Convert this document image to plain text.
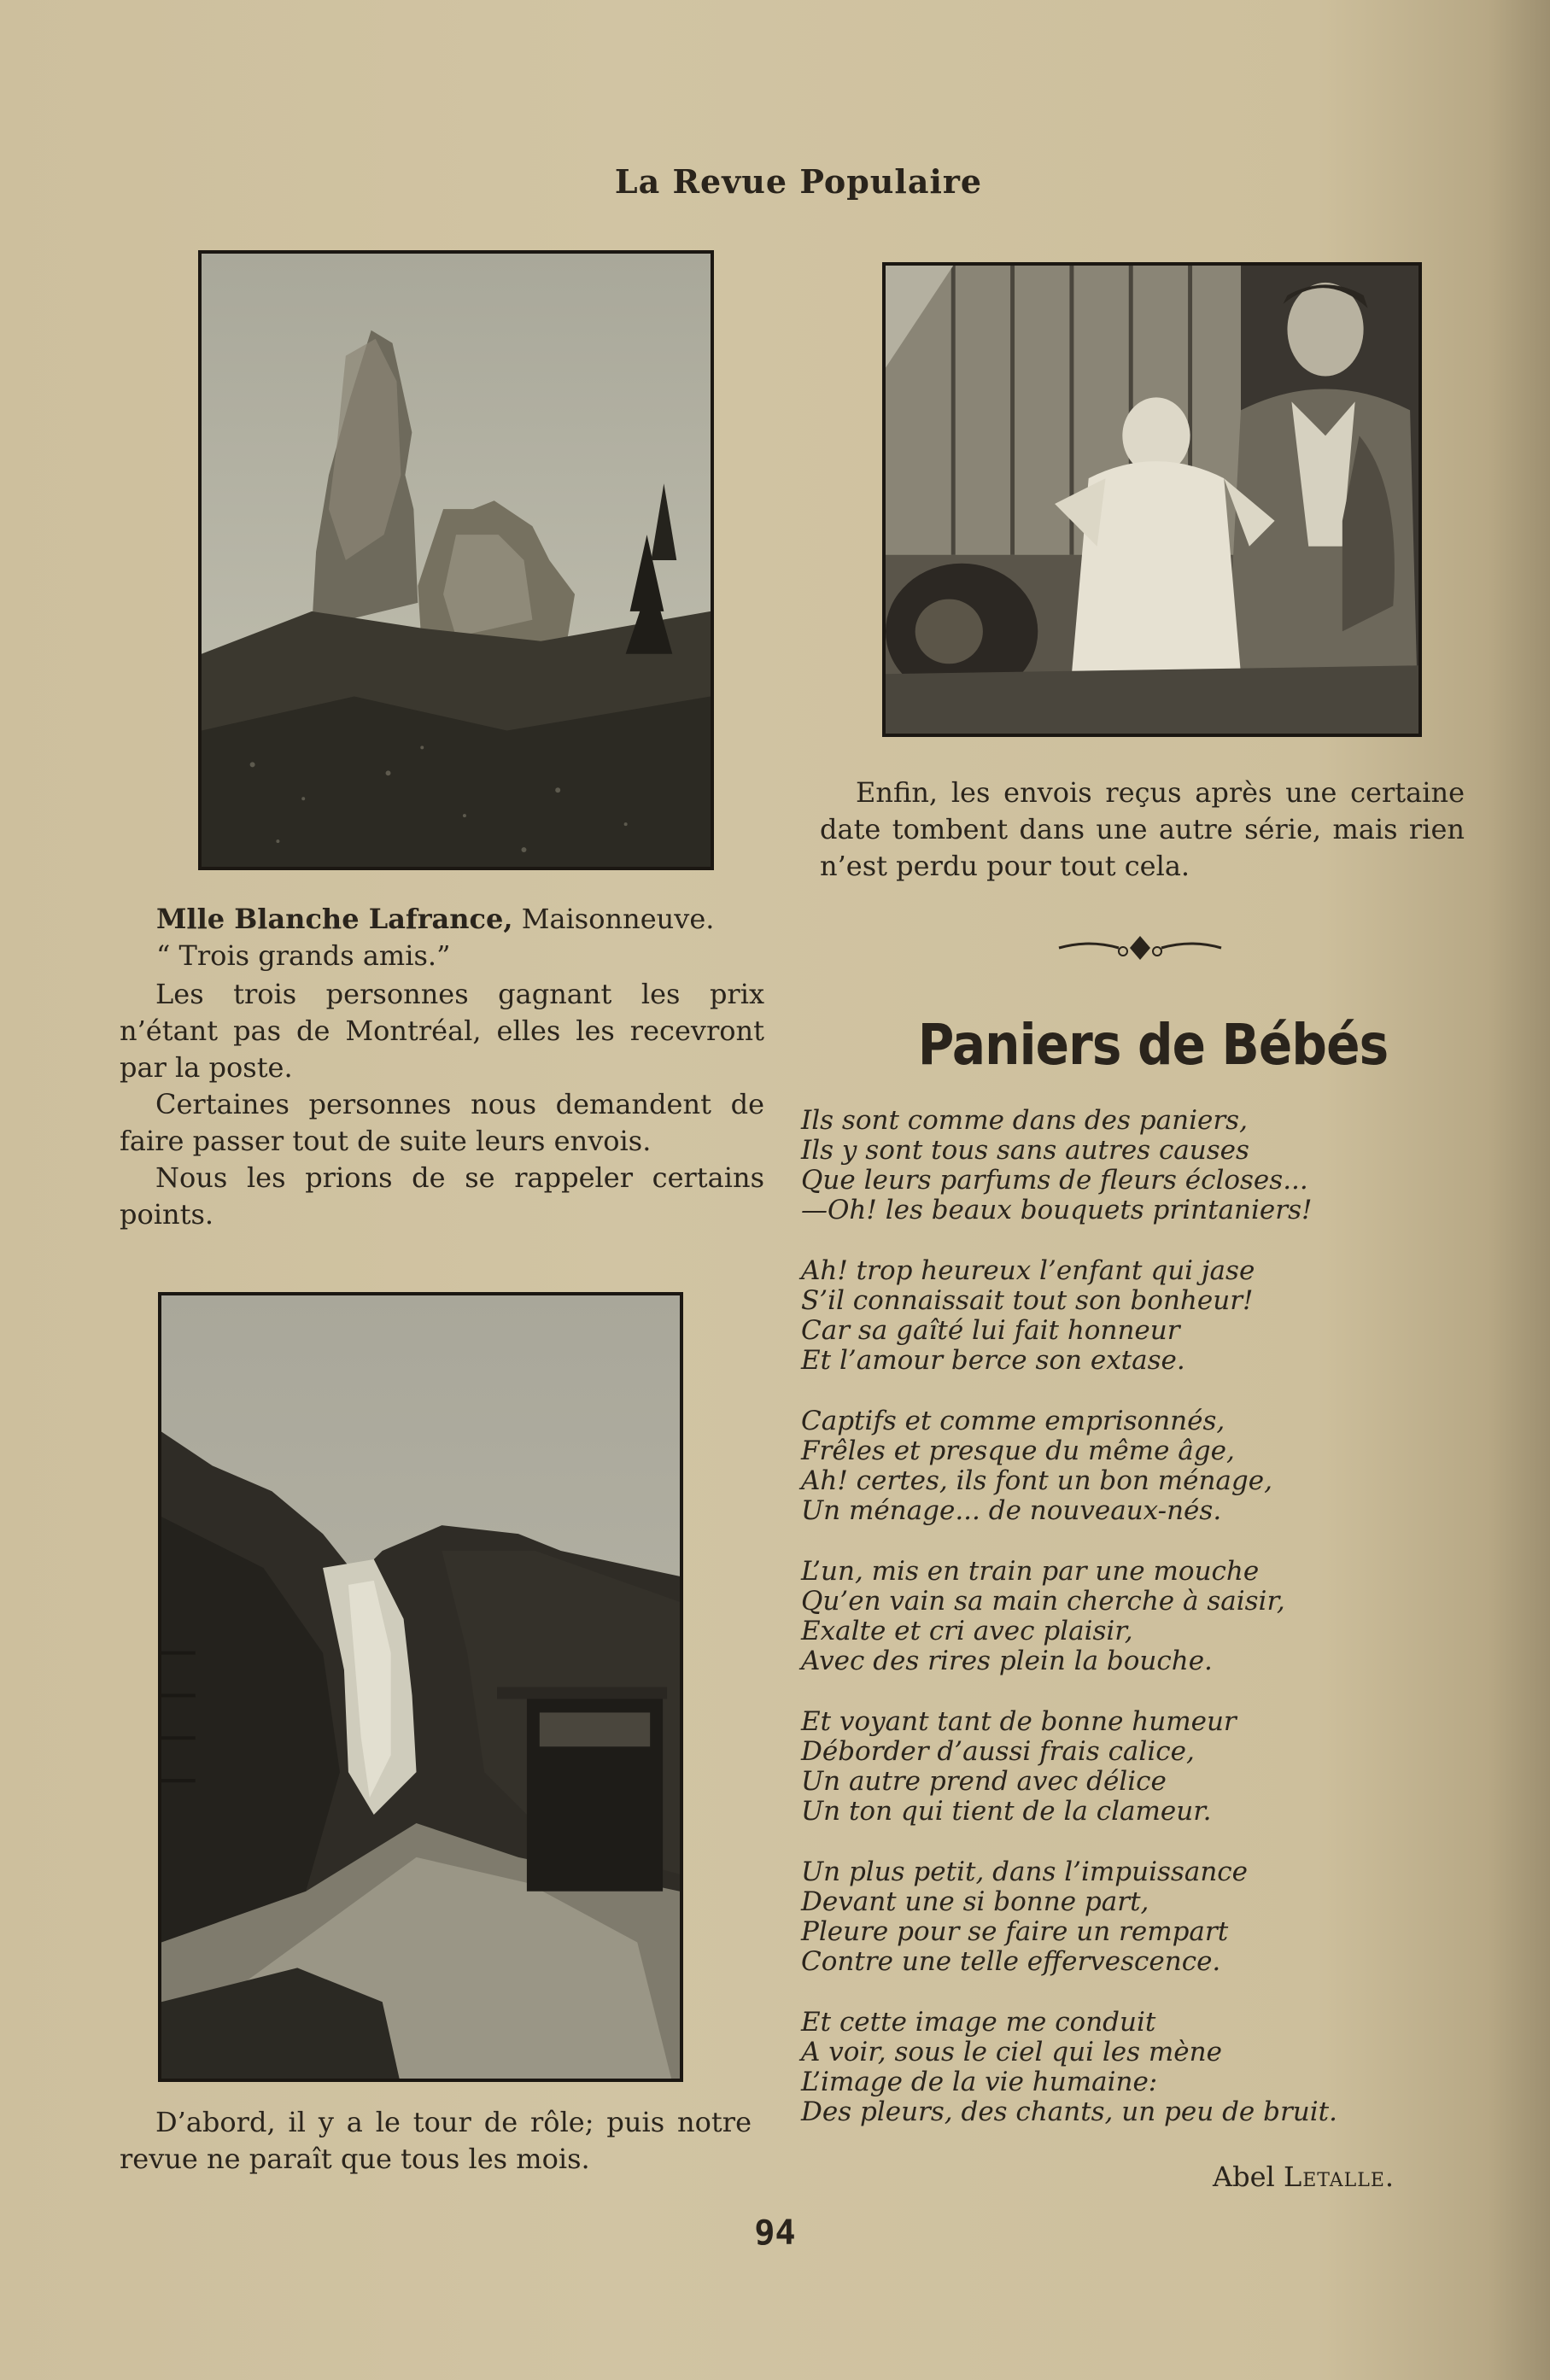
La Revue Populaire

Mlle Blanche Lafrance, Maisonneuve.

“ Trois grands amis.”

Les trois personnes gagnant les prix n’étant pas de Montréal, elles les recevront par la poste.

Certaines personnes nous demandent de faire passer tout de suite leurs envois.

Nous les prions de se rappeler certains points.

D’abord, il y a le tour de rôle; puis notre revue ne paraît que tous les mois.

Enfin, les envois reçus après une certaine date tombent dans une autre série, mais rien n’est perdu pour tout cela.

Paniers de Bébés
Ils sont comme dans des paniers,
Ils y sont tous sans autres causes
Que leurs parfums de fleurs écloses...
—Oh! les beaux bouquets printaniers!
Ah! trop heureux l’enfant qui jase
S’il connaissait tout son bonheur!
Car sa gaîté lui fait honneur
Et l’amour berce son extase.
Captifs et comme emprisonnés,
Frêles et presque du même âge,
Ah! certes, ils font un bon ménage,
Un ménage... de nouveaux-nés.
L’un, mis en train par une mouche
Qu’en vain sa main cherche à saisir,
Exalte et cri avec plaisir,
Avec des rires plein la bouche.
Et voyant tant de bonne humeur
Déborder d’aussi frais calice,
Un autre prend avec délice
Un ton qui tient de la clameur.
Un plus petit, dans l’impuissance
Devant une si bonne part,
Pleure pour se faire un rempart
Contre une telle effervescence.
Et cette image me conduit
A voir, sous le ciel qui les mène
L’image de la vie humaine:
Des pleurs, des chants, un peu de bruit.
Abel Letalle.
94
